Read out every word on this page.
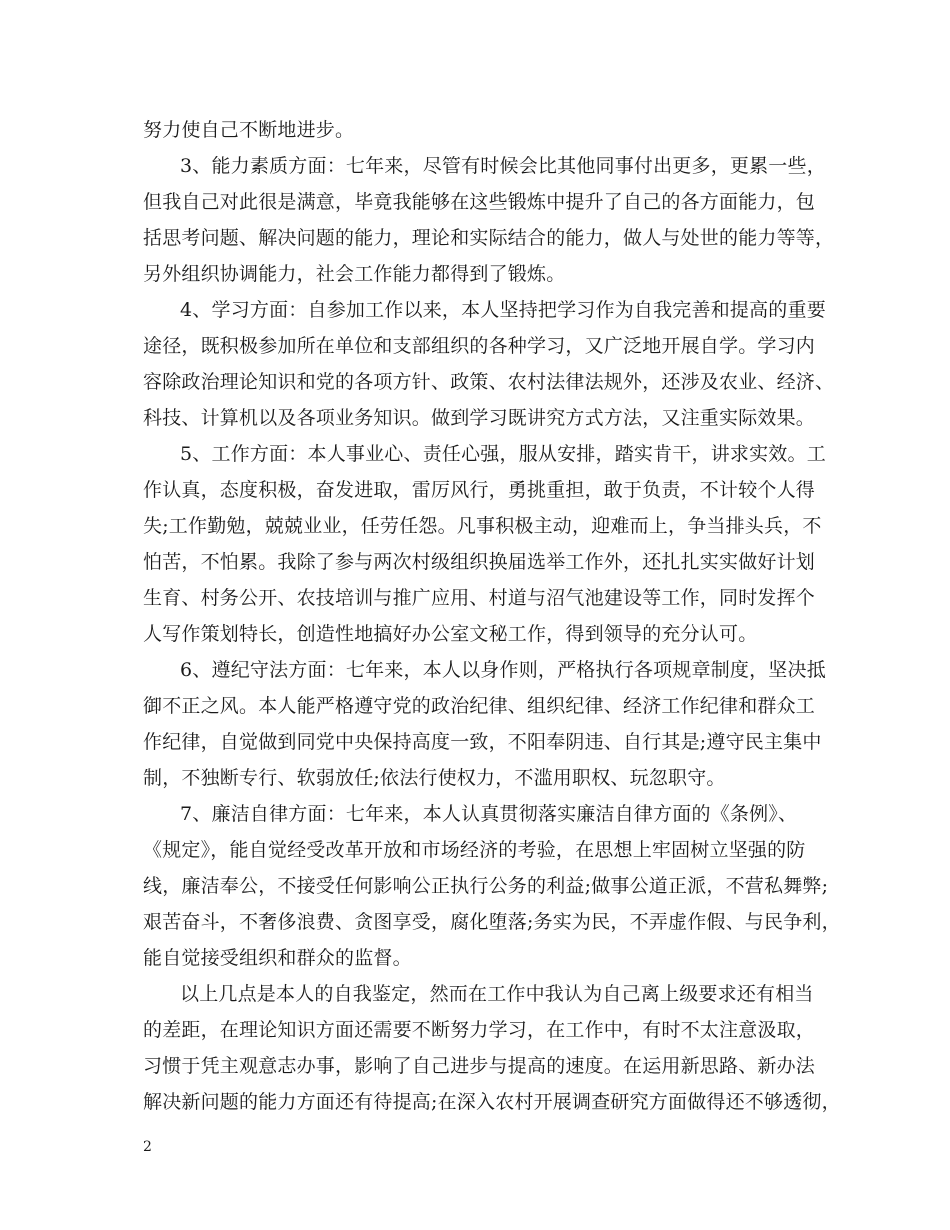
努力使自己不断地进步。
3、能力素质方面：七年来，尽管有时候会比其他同事付出更多，更累一些，
但我自己对此很是满意，毕竟我能够在这些锻炼中提升了自己的各方面能力，包
括思考问题、解决问题的能力，理论和实际结合的能力，做人与处世的能力等等，
另外组织协调能力，社会工作能力都得到了锻炼。
4、学习方面：自参加工作以来，本人坚持把学习作为自我完善和提高的重要
途径，既积极参加所在单位和支部组织的各种学习，又广泛地开展自学。学习内
容除政治理论知识和党的各项方针、政策、农村法律法规外，还涉及农业、经济、
科技、计算机以及各项业务知识。做到学习既讲究方式方法，又注重实际效果。
5、工作方面：本人事业心、责任心强，服从安排，踏实肯干，讲求实效。工
作认真，态度积极，奋发进取，雷厉风行，勇挑重担，敢于负责，不计较个人得
失;工作勤勉，兢兢业业，任劳任怨。凡事积极主动，迎难而上，争当排头兵，不
怕苦，不怕累。我除了参与两次村级组织换届选举工作外，还扎扎实实做好计划
生育、村务公开、农技培训与推广应用、村道与沼气池建设等工作，同时发挥个
人写作策划特长，创造性地搞好办公室文秘工作，得到领导的充分认可。
6、遵纪守法方面：七年来，本人以身作则，严格执行各项规章制度，坚决抵
御不正之风。本人能严格遵守党的政治纪律、组织纪律、经济工作纪律和群众工
作纪律，自觉做到同党中央保持高度一致，不阳奉阴违、自行其是;遵守民主集中
制，不独断专行、软弱放任;依法行使权力，不滥用职权、玩忽职守。
7、廉洁自律方面：七年来，本人认真贯彻落实廉洁自律方面的《条例》、
《规定》，能自觉经受改革开放和市场经济的考验，在思想上牢固树立坚强的防
线，廉洁奉公，不接受任何影响公正执行公务的利益;做事公道正派，不营私舞弊;
艰苦奋斗，不奢侈浪费、贪图享受，腐化堕落;务实为民，不弄虚作假、与民争利，
能自觉接受组织和群众的监督。
以上几点是本人的自我鉴定，然而在工作中我认为自己离上级要求还有相当
的差距，在理论知识方面还需要不断努力学习，在工作中，有时不太注意汲取，
习惯于凭主观意志办事，影响了自己进步与提高的速度。在运用新思路、新办法
解决新问题的能力方面还有待提高;在深入农村开展调查研究方面做得还不够透彻，
2
